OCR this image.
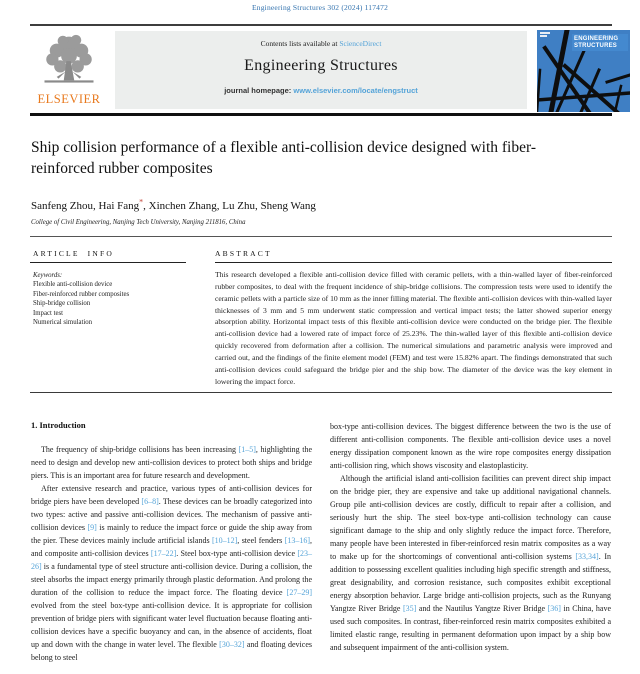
Engineering Structures 302 (2024) 117472
ELSEVIER
Contents lists available at ScienceDirect
Engineering Structures
journal homepage: www.elsevier.com/locate/engstruct
ENGINEERING STRUCTURES
Ship collision performance of a flexible anti-collision device designed with fiber-reinforced rubber composites
Sanfeng Zhou, Hai Fang*, Xinchen Zhang, Lu Zhu, Sheng Wang
College of Civil Engineering, Nanjing Tech University, Nanjing 211816, China
ARTICLE INFO	ABSTRACT
Keywords:
Flexible anti-collision device
Fiber-reinforced rubber composites
Ship-bridge collision
Impact test
Numerical simulation
This research developed a flexible anti-collision device filled with ceramic pellets, with a thin-walled layer of fiber-reinforced rubber composites, to deal with the frequent incidence of ship-bridge collisions. The compression tests were used to identify the ceramic pellets with a particle size of 10 mm as the inner filling material. The flexible anti-collision devices with thin-walled layer thicknesses of 3 mm and 5 mm underwent static compression and vertical impact tests; the latter showed superior energy absorption ability. Horizontal impact tests of this flexible anti-collision device were conducted on the bridge pier. The flexible anti-collision device had a lowered rate of impact force of 25.23%. The thin-walled layer of this flexible anti-collision device quickly recovered from deformation after a collision. The numerical simulations and parametric analysis were improved and carried out, and the findings of the finite element model (FEM) and test were 15.82% apart. The findings demonstrated that such anti-collision devices could safeguard the bridge pier and the ship bow. The diameter of the device was the key element in lowering the impact force.
1. Introduction

The frequency of ship-bridge collisions has been increasing [1–5], highlighting the need to design and develop new anti-collision devices to protect both ships and bridge piers. This is an important area for future research and development.

After extensive research and practice, various types of anti-collision devices for bridge piers have been developed [6–8]. These devices can be broadly categorized into two types: active and passive anti-collision devices. The mechanism of passive anti-collision devices [9] is mainly to reduce the impact force or guide the ship away from the pier. These devices mainly include artificial islands [10–12], steel fenders [13–16], and composite anti-collision devices [17–22]. Steel box-type anti-collision device [23–26] is a fundamental type of steel structure anti-collision device. During a collision, the steel absorbs the impact energy primarily through plastic deformation. And prolong the duration of the collision to reduce the impact force. The floating device [27–29] evolved from the steel box-type anti-collision device. It is appropriate for collision prevention of bridge piers with significant water level fluctuation because floating anti-collision devices have a specific buoyancy and can, in the absence of accidents, float up and down with the change in water level. The flexible [30–32] and floating devices belong to steel

box-type anti-collision devices. The biggest difference between the two is the use of different anti-collision components. The flexible anti-collision device uses a novel energy dissipation component known as the wire rope composites energy dissipation anti-collision ring, which shows viscosity and elastoplasticity.

Although the artificial island anti-collision facilities can prevent direct ship impact on the bridge pier, they are expensive and take up additional navigational channels. Group pile anti-collision devices are costly, difficult to repair after a collision, and seriously hurt the ship. The steel box-type anti-collision technology can cause significant damage to the ship and only slightly reduce the impact force. Therefore, many people have been interested in fiber-reinforced resin matrix composites as a way to make up for the shortcomings of conventional anti-collision systems [33,34]. In addition to possessing excellent qualities including high specific strength and stiffness, great designability, and corrosion resistance, such composites exhibit exceptional energy absorption behavior. Large bridge anti-collision projects, such as the Runyang Yangtze River Bridge [35] and the Nautilus Yangtze River Bridge [36] in China, have used such composites. In contrast, fiber-reinforced resin matrix composites exhibited a limited elastic range, resulting in permanent deformation upon impact by a ship bow and subsequent impairment of the anti-collision system.
